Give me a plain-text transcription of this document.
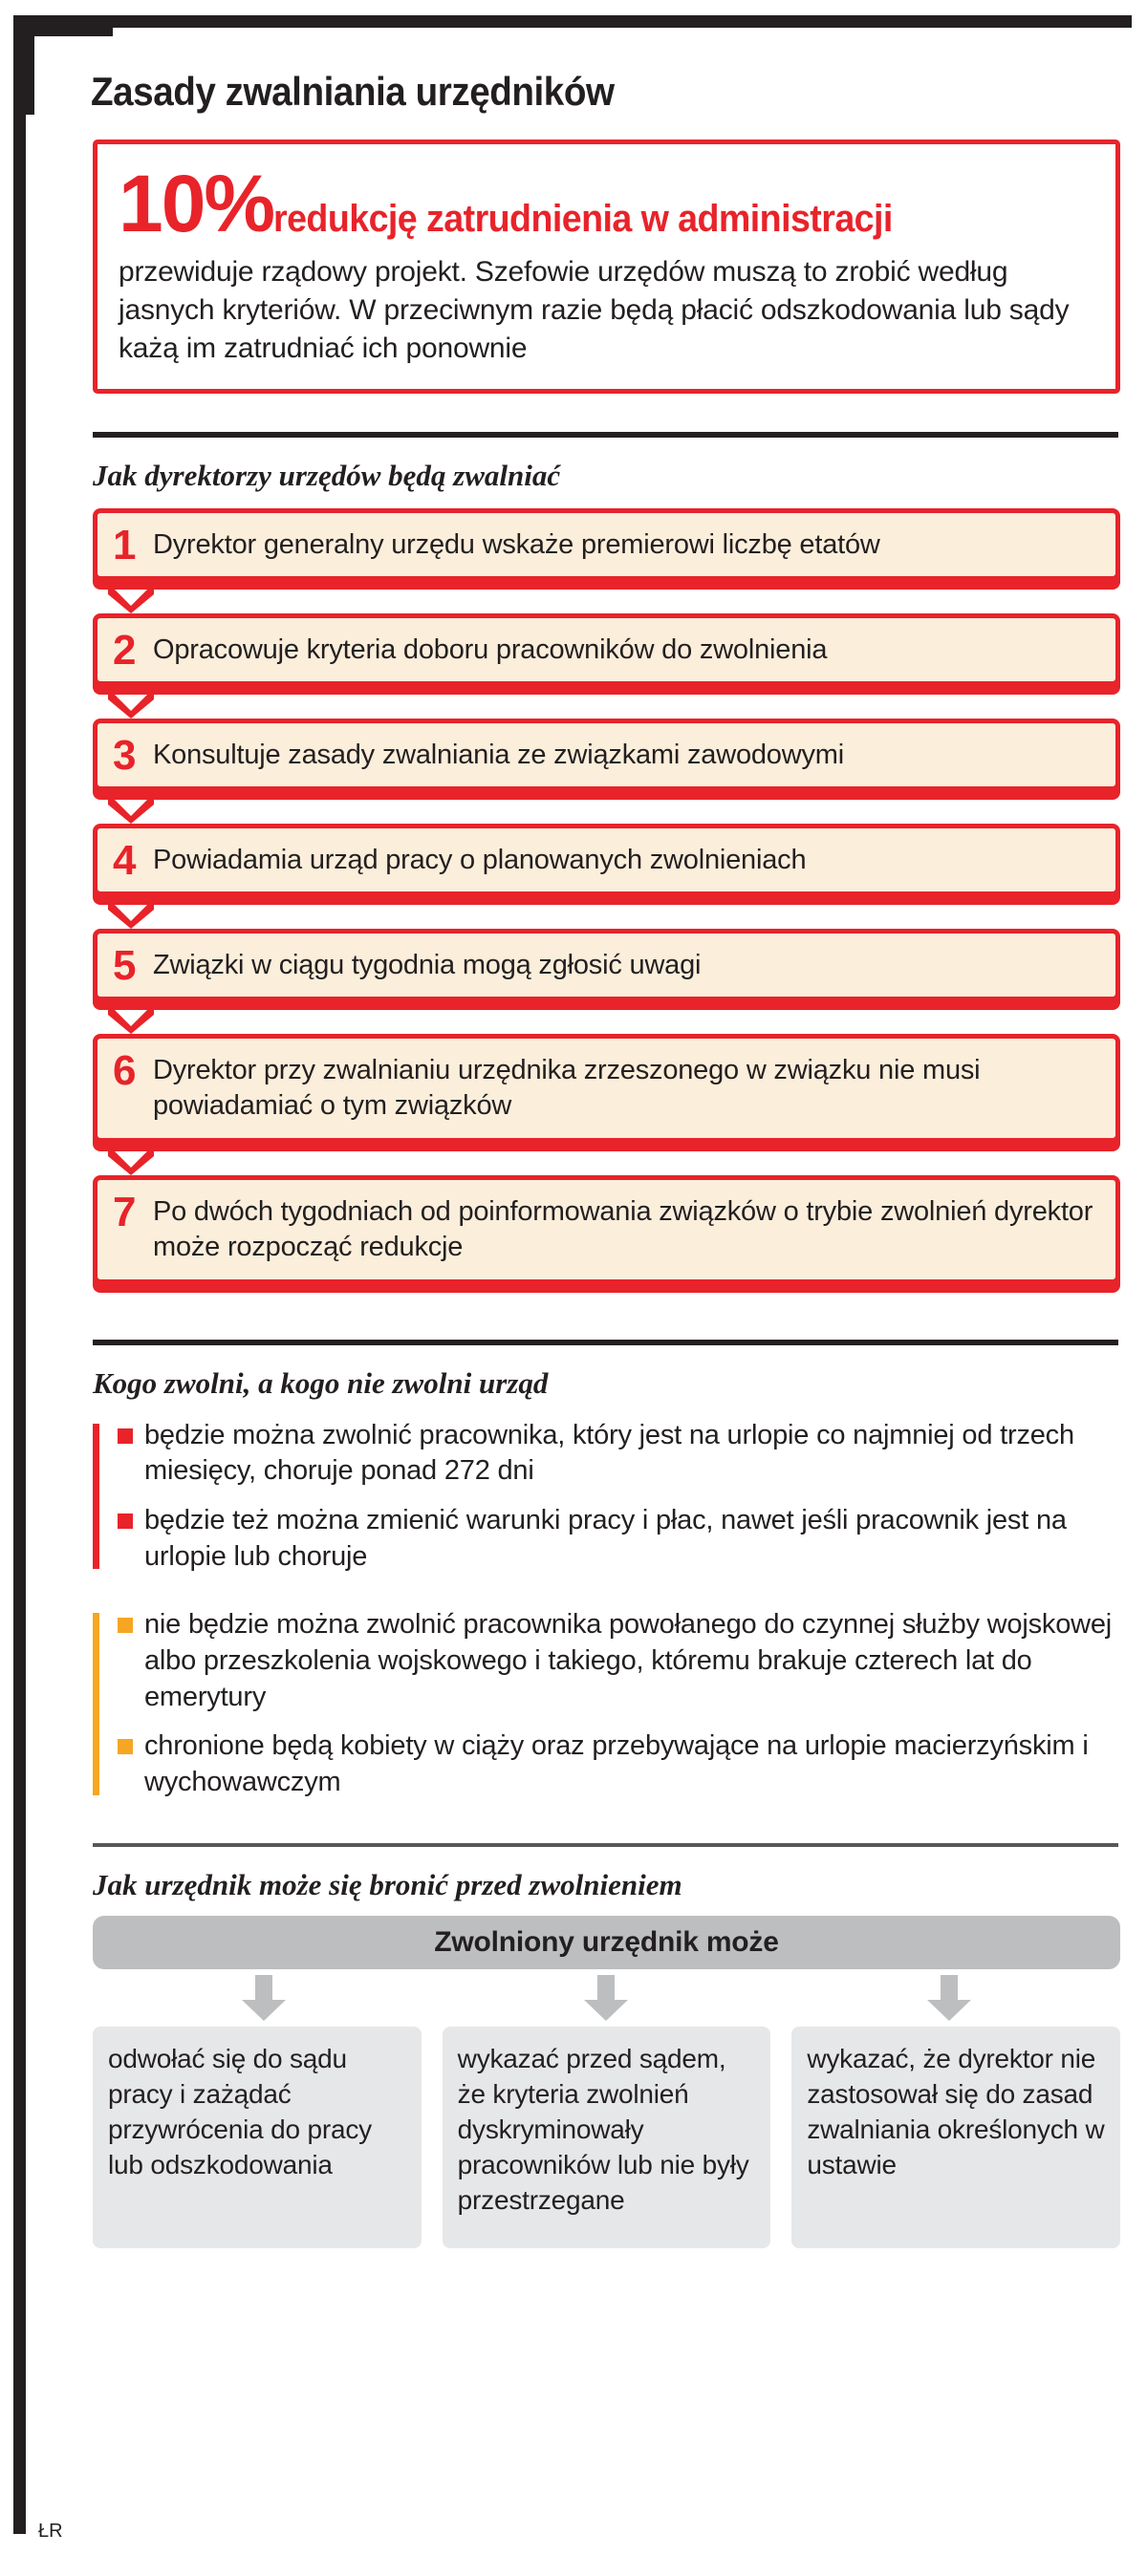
Zasady zwalniania urzędników
10%redukcję zatrudnienia w administracji

przewiduje rządowy projekt. Szefowie urzędów muszą to zrobić według jasnych kryteriów. W przeciwnym razie będą płacić odszkodowania lub sądy każą im zatrudniać ich ponownie

Jak dyrektorzy urzędów będą zwalniać
1 Dyrektor generalny urzędu wskaże premierowi liczbę etatów
2 Opracowuje kryteria doboru pracowników do zwolnienia
3 Konsultuje zasady zwalniania ze związkami zawodowymi
4 Powiadamia urząd pracy o planowanych zwolnieniach
5 Związki w ciągu tygodnia mogą zgłosić uwagi
6 Dyrektor przy zwalnianiu urzędnika zrzeszonego w związku nie musi powiadamiać o tym związków
7 Po dwóch tygodniach od poinformowania związków o trybie zwolnień dyrektor może rozpocząć redukcje
Kogo zwolni, a kogo nie zwolni urząd
będzie można zwolnić pracownika, który jest na urlopie co najmniej od trzech miesięcy, choruje ponad 272 dni
będzie też można zmienić warunki pracy i płac, nawet jeśli pracownik jest na urlopie lub choruje
nie będzie można zwolnić pracownika powołanego do czynnej służby wojskowej albo przeszkolenia wojskowego i takiego, któremu brakuje czterech lat do emerytury
chronione będą kobiety w ciąży oraz przebywające na urlopie macierzyńskim i wychowawczym
Jak urzędnik może się bronić przed zwolnieniem
Zwolniony urzędnik może
odwołać się do sądu pracy i zażądać przywrócenia do pracy lub odszkodowania
wykazać przed sądem, że kryteria zwolnień dyskryminowały pracowników lub nie były przestrzegane
wykazać, że dyrektor nie zastosował się do zasad zwalniania określonych w ustawie
ŁR
